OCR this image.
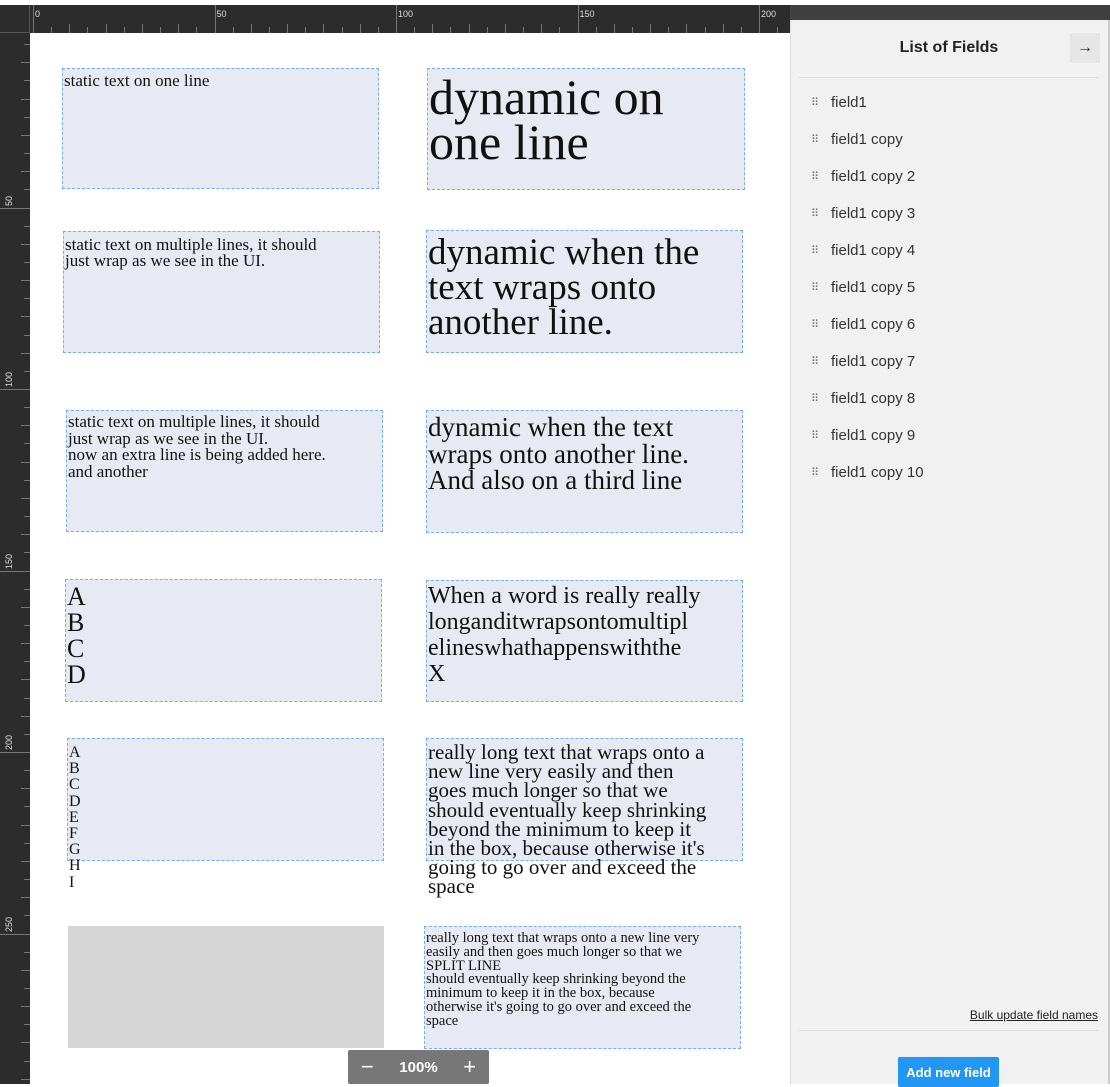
0	50	100	150	200
50
100
150
200
250
static text on one line	dynamic on
one line
static text on multiple lines, it should
just wrap as we see in the UI.	dynamic when the
text wraps onto
another line.
static text on multiple lines, it should
just wrap as we see in the UI.
now an extra line is being added here.
and another
dynamic when the text
wraps onto another line.
And also on a third line
A
B
C
D
When a word is really really
longanditwrapsontomultipl
elineswhathappenswiththe
X
A
B
C
D
E
F
G
H
I
really long text that wraps onto a
new line very easily and then
goes much longer so that we
should eventually keep shrinking
beyond the minimum to keep it
in the box, because otherwise it's
going to go over and exceed the
space
really long text that wraps onto a new line very
easily and then goes much longer so that we
SPLIT LINE
should eventually keep shrinking beyond the
minimum to keep it in the box, because
otherwise it's going to go over and exceed the
space
− 100% +
List of Fields	→
⠿ field1
⠿ field1 copy
⠿ field1 copy 2
⠿ field1 copy 3
⠿ field1 copy 4
⠿ field1 copy 5
⠿ field1 copy 6
⠿ field1 copy 7
⠿ field1 copy 8
⠿ field1 copy 9
⠿ field1 copy 10
Bulk update field names
Add new field
